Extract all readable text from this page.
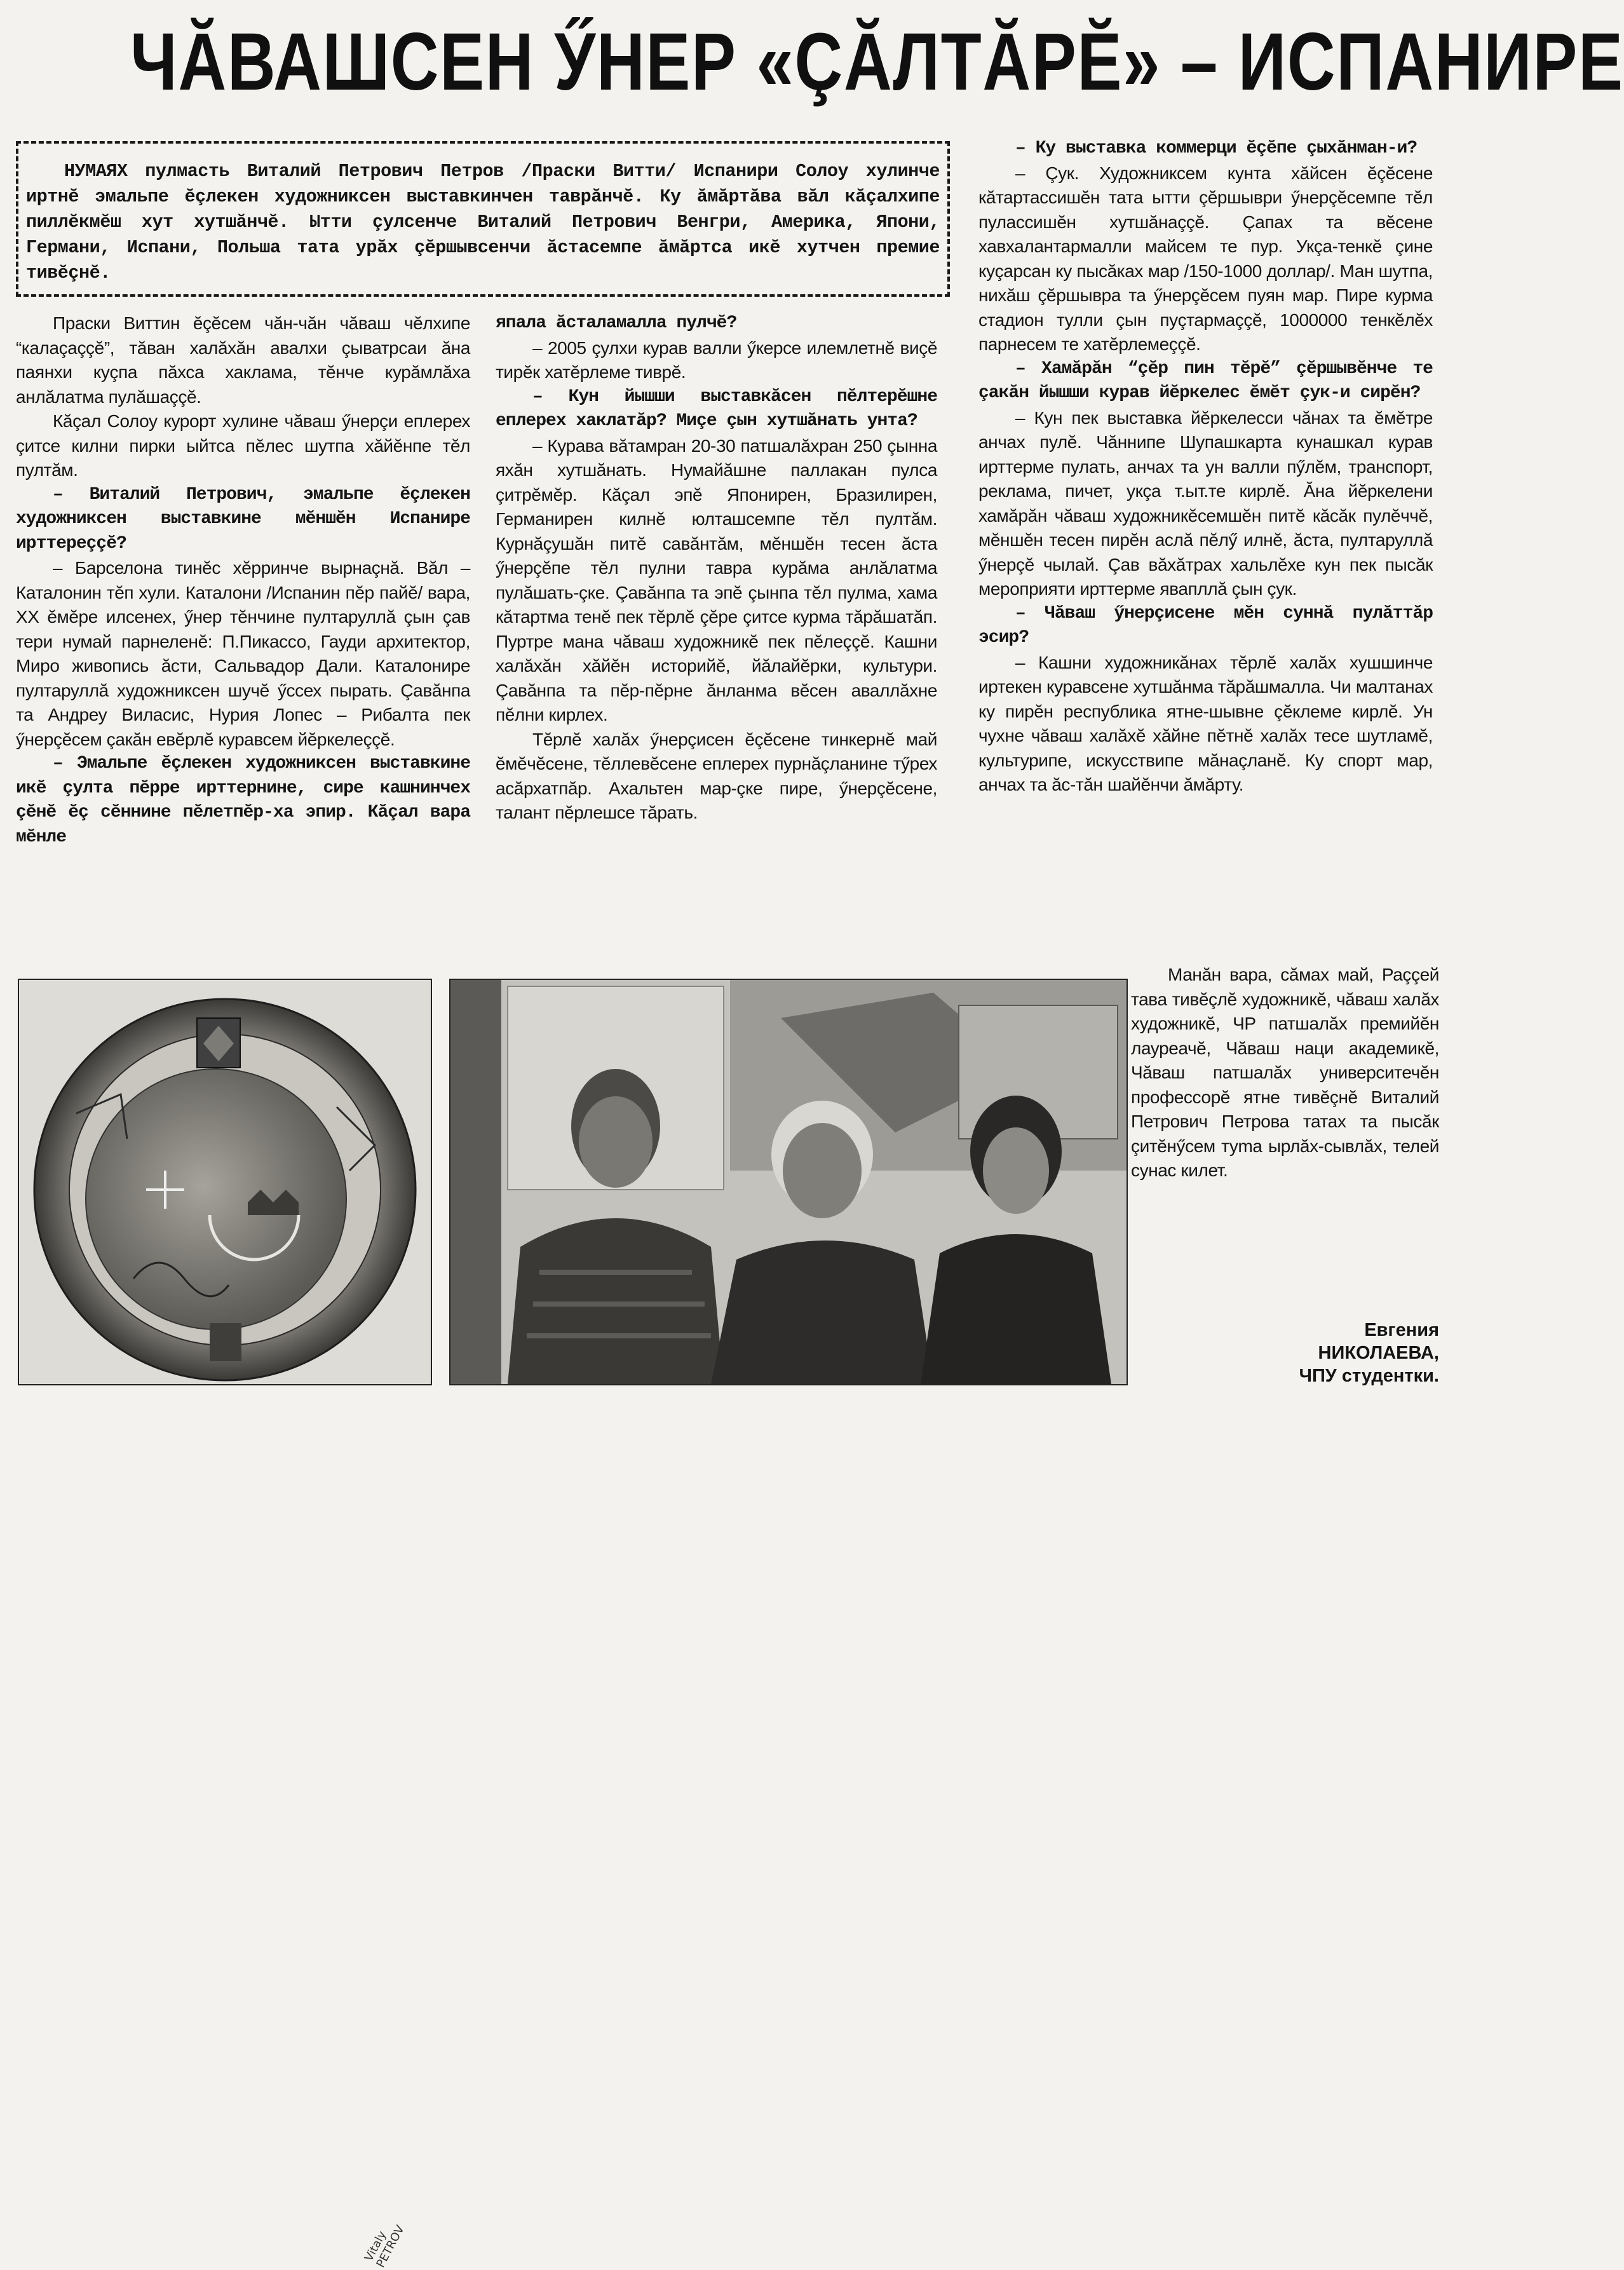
ЧĂВАШСЕН ӲНЕР «ÇĂЛТĂРĔ» – ИСПАНИРЕ

НУМАЯХ пулмасть Виталий Петрович Петров /Праски Витти/ Испанири Солоу хулинче иртнĕ эмальпе ĕçлекен художниксен выставкинчен таврăнчĕ. Ку ăмăртăва вăл кăçалхипе пиллĕкмĕш хут хутшăнчĕ. Ытти çулсенче Виталий Петрович Венгри, Америка, Япони, Германи, Испани, Польша тата урăх çĕршывсенчи ăстасемпе ăмăртса икĕ хутчен премие тивĕçнĕ.

Праски Виттин ĕçĕсем чăн-чăн чăваш чĕлхипе “калаçаççĕ”, тăван халăхăн авалхи çыватрсаи ăна паянхи куçпа пăхса хаклама, тĕнче курăмлăха анлăлатма пулăшаççĕ.

Кăçал Солоу курорт хулине чăваш ӳнерçи еплерех çитсе килни пирки ыйтса пĕлес шутпа хăйĕнпе тĕл пултăм.

– Виталий Петрович, эмальпе ĕçлекен художниксен выставкине мĕншĕн Испанире ирттереççĕ?

– Барселона тинĕс хĕрринче вырнаçнă. Вăл – Каталонин тĕп хули. Каталони /Испанин пĕр пайĕ/ вара, XX ĕмĕре илсенех, ӳнер тĕнчине пултаруллă çын çав тери нумай парнеленĕ: П.Пикассо, Гауди архитектор, Миро живопись ăсти, Сальвадор Дали. Каталонире пултаруллă художниксен шучĕ ӳссех пырать. Çавăнпа та Андреу Виласис, Нурия Лопес – Рибалта пек ӳнерçĕсем çакăн евĕрлĕ куравсем йĕркелеççĕ.

– Эмальпе ĕçлекен художниксен выставкине икĕ çулта пĕрре ирттернине, сире кашнинчех çĕнĕ ĕç сĕннине пĕлетпĕр-ха эпир. Кăçал вара мĕнле

япала ăсталамалла пулчĕ?

– 2005 çулхи курав валли ӳкерсе илемлетнĕ виçĕ тирĕк хатĕрлеме тиврĕ.

– Кун йышши выставкăсен пĕлтерĕшне еплерех хаклатăр? Миçе çын хутшăнать унта?

– Курава вăтамран 20-30 патшалăхран 250 çынна яхăн хутшăнать. Нумайăшне паллакан пулса çитрĕмĕр. Кăçал эпĕ Японирен, Бразилирен, Германирен килнĕ юлташсемпе тĕл пултăм. Курнăçушăн питĕ савăнтăм, мĕншĕн тесен ăста ӳнерçĕпе тĕл пулни тавра курăма анлăлатма пулăшать-çке. Çавăнпа та эпĕ çынпа тĕл пулма, хама кăтартма тенĕ пек тĕрлĕ çĕре çитсе курма тăрăшатăп. Пуртре мана чăваш художникĕ пек пĕлеççĕ. Кашни халăхăн хăйĕн историйĕ, йăлайĕрки, культури. Çавăнпа та пĕр-пĕрне ăнланма вĕсен аваллăхне пĕлни кирлех.

Тĕрлĕ халăх ӳнерçисен ĕçĕсене тинкернĕ май ĕмĕчĕсене, тĕллевĕсене еплерех пурнăçланине тӳрех асăрхатпăр. Ахальтен мар-çке пире, ӳнерçĕсене, талант пĕрлешсе тăрать.

– Ку выставка коммерци ĕçĕпе çыхăнман-и?

– Çук. Художниксем кунта хăйсен ĕçĕсене кăтартассишĕн тата ытти çĕршыври ӳнерçĕсемпе тĕл пулассишĕн хутшăнаççĕ. Çапах та вĕсене хавхалантармалли майсем те пур. Укçа-тенкĕ çине куçарсан ку пысăках мар /150-1000 доллар/. Ман шутпа, нихăш çĕршывра та ӳнерçĕсем пуян мар. Пире курма стадион тулли çын пуçтармаççĕ, 1000000 тенкĕлĕх парнесем те хатĕрлемеççĕ.

– Хамăрăн “çĕр пин тĕрĕ” çĕршывĕнче те çакăн йышши курав йĕркелес ĕмĕт çук-и сирĕн?

– Кун пек выставка йĕркелесси чăнах та ĕмĕтре анчах пулĕ. Чăннипе Шупашкарта кунашкал курав ирттерме пулать, анчах та ун валли пӳлĕм, транспорт, реклама, пичет, укçа т.ыт.те кирлĕ. Ăна йĕркелени хамăрăн чăваш художникĕсемшĕн питĕ кăсăк пулĕччĕ, мĕншĕн тесен пирĕн аслă пĕлӳ илнĕ, ăста, пултаруллă ӳнерçĕ чылай. Çав вăхăтрах хальлĕхе кун пек пысăк мероприяти ирттерме явапллă çын çук.

– Чăваш ӳнерçисене мĕн суннă пулăттăр эсир?

– Кашни художникăнах тĕрлĕ халăх хушшинче иртекен куравсене хутшăнма тăрăшмалла. Чи малтанах ку пирĕн республика ятне-шывне çĕклеме кирлĕ. Ун чухне чăваш халăхĕ хăйне пĕтнĕ халăх тесе шутламĕ, культурипе, искусствипе мăнаçланĕ. Ку спорт мар, анчах та ăс-тăн шайĕнчи ăмăрту.

Манăн вара, сăмах май, Раççей тава тивĕçлĕ художникĕ, чăваш халăх художникĕ, ЧР патшалăх премийĕн лауреачĕ, Чăваш наци академикĕ, Чăваш патшалăх университечĕн профессорĕ ятне тивĕçнĕ Виталий Петрович Петрова татах та пысăк çитĕнӳсем туma ырлăх-сывлăх, телей сунас килет.

Евгения
НИКОЛАЕВА,
ЧПУ студентки.
Vitaly PETROV
